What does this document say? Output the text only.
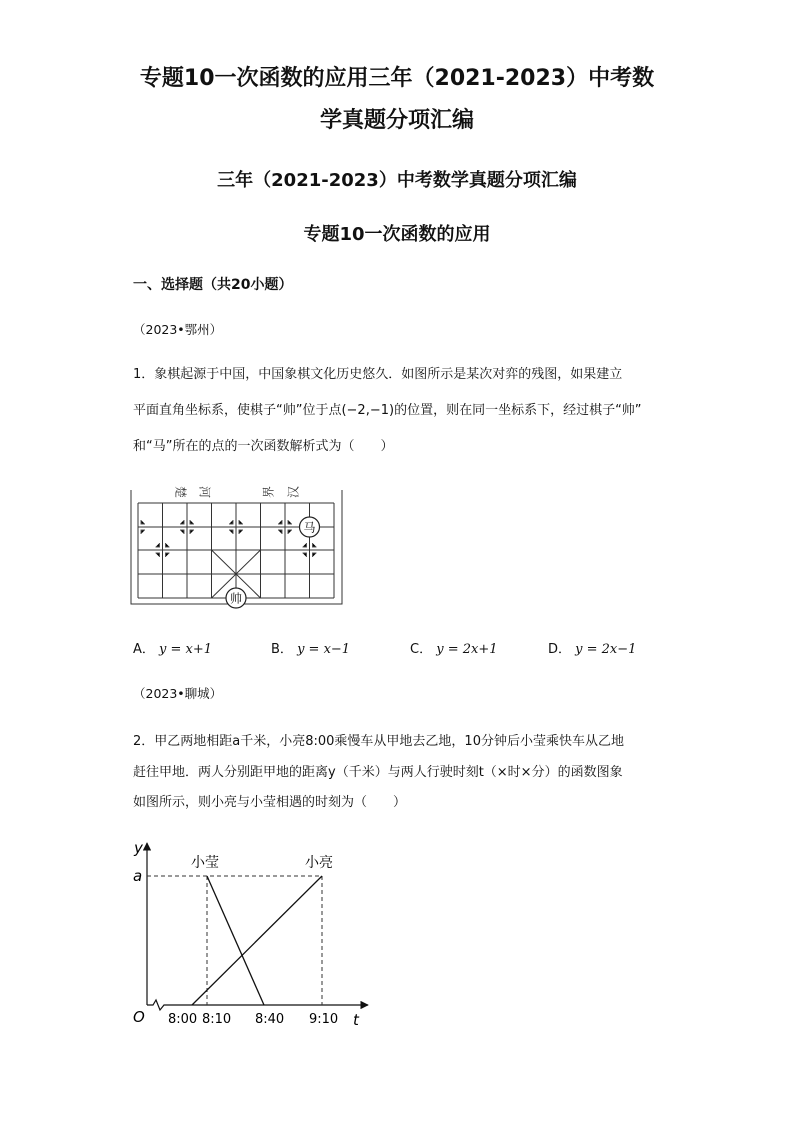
专题10一次函数的应用三年（2021-2023）中考数
学真题分项汇编
三年（2021-2023）中考数学真题分项汇编
专题10一次函数的应用
一、选择题（共20小题）
（2023•鄂州）
1．象棋起源于中国，中国象棋文化历史悠久．如图所示是某次对弈的残图，如果建立
平面直角坐标系，使棋子“帅”位于点(−2,−1)的位置，则在同一坐标系下，经过棋子“帅”
和“马”所在的点的一次函数解析式为（　　）
楚 河	界 汉
马
帅
A． y = x+1	B． y = x−1	C． y = 2x+1	D． y = 2x−1
（2023•聊城）
2．甲乙两地相距a千米，小亮8:00乘慢车从甲地去乙地，10分钟后小莹乘快车从乙地
赶往甲地．两人分别距甲地的距离y（千米）与两人行驶时刻t（×时×分）的函数图象
如图所示，则小亮与小莹相遇的时刻为（　　）
y
t
O
a
小莹	小亮
8:00 8:10 8:40 9:10
